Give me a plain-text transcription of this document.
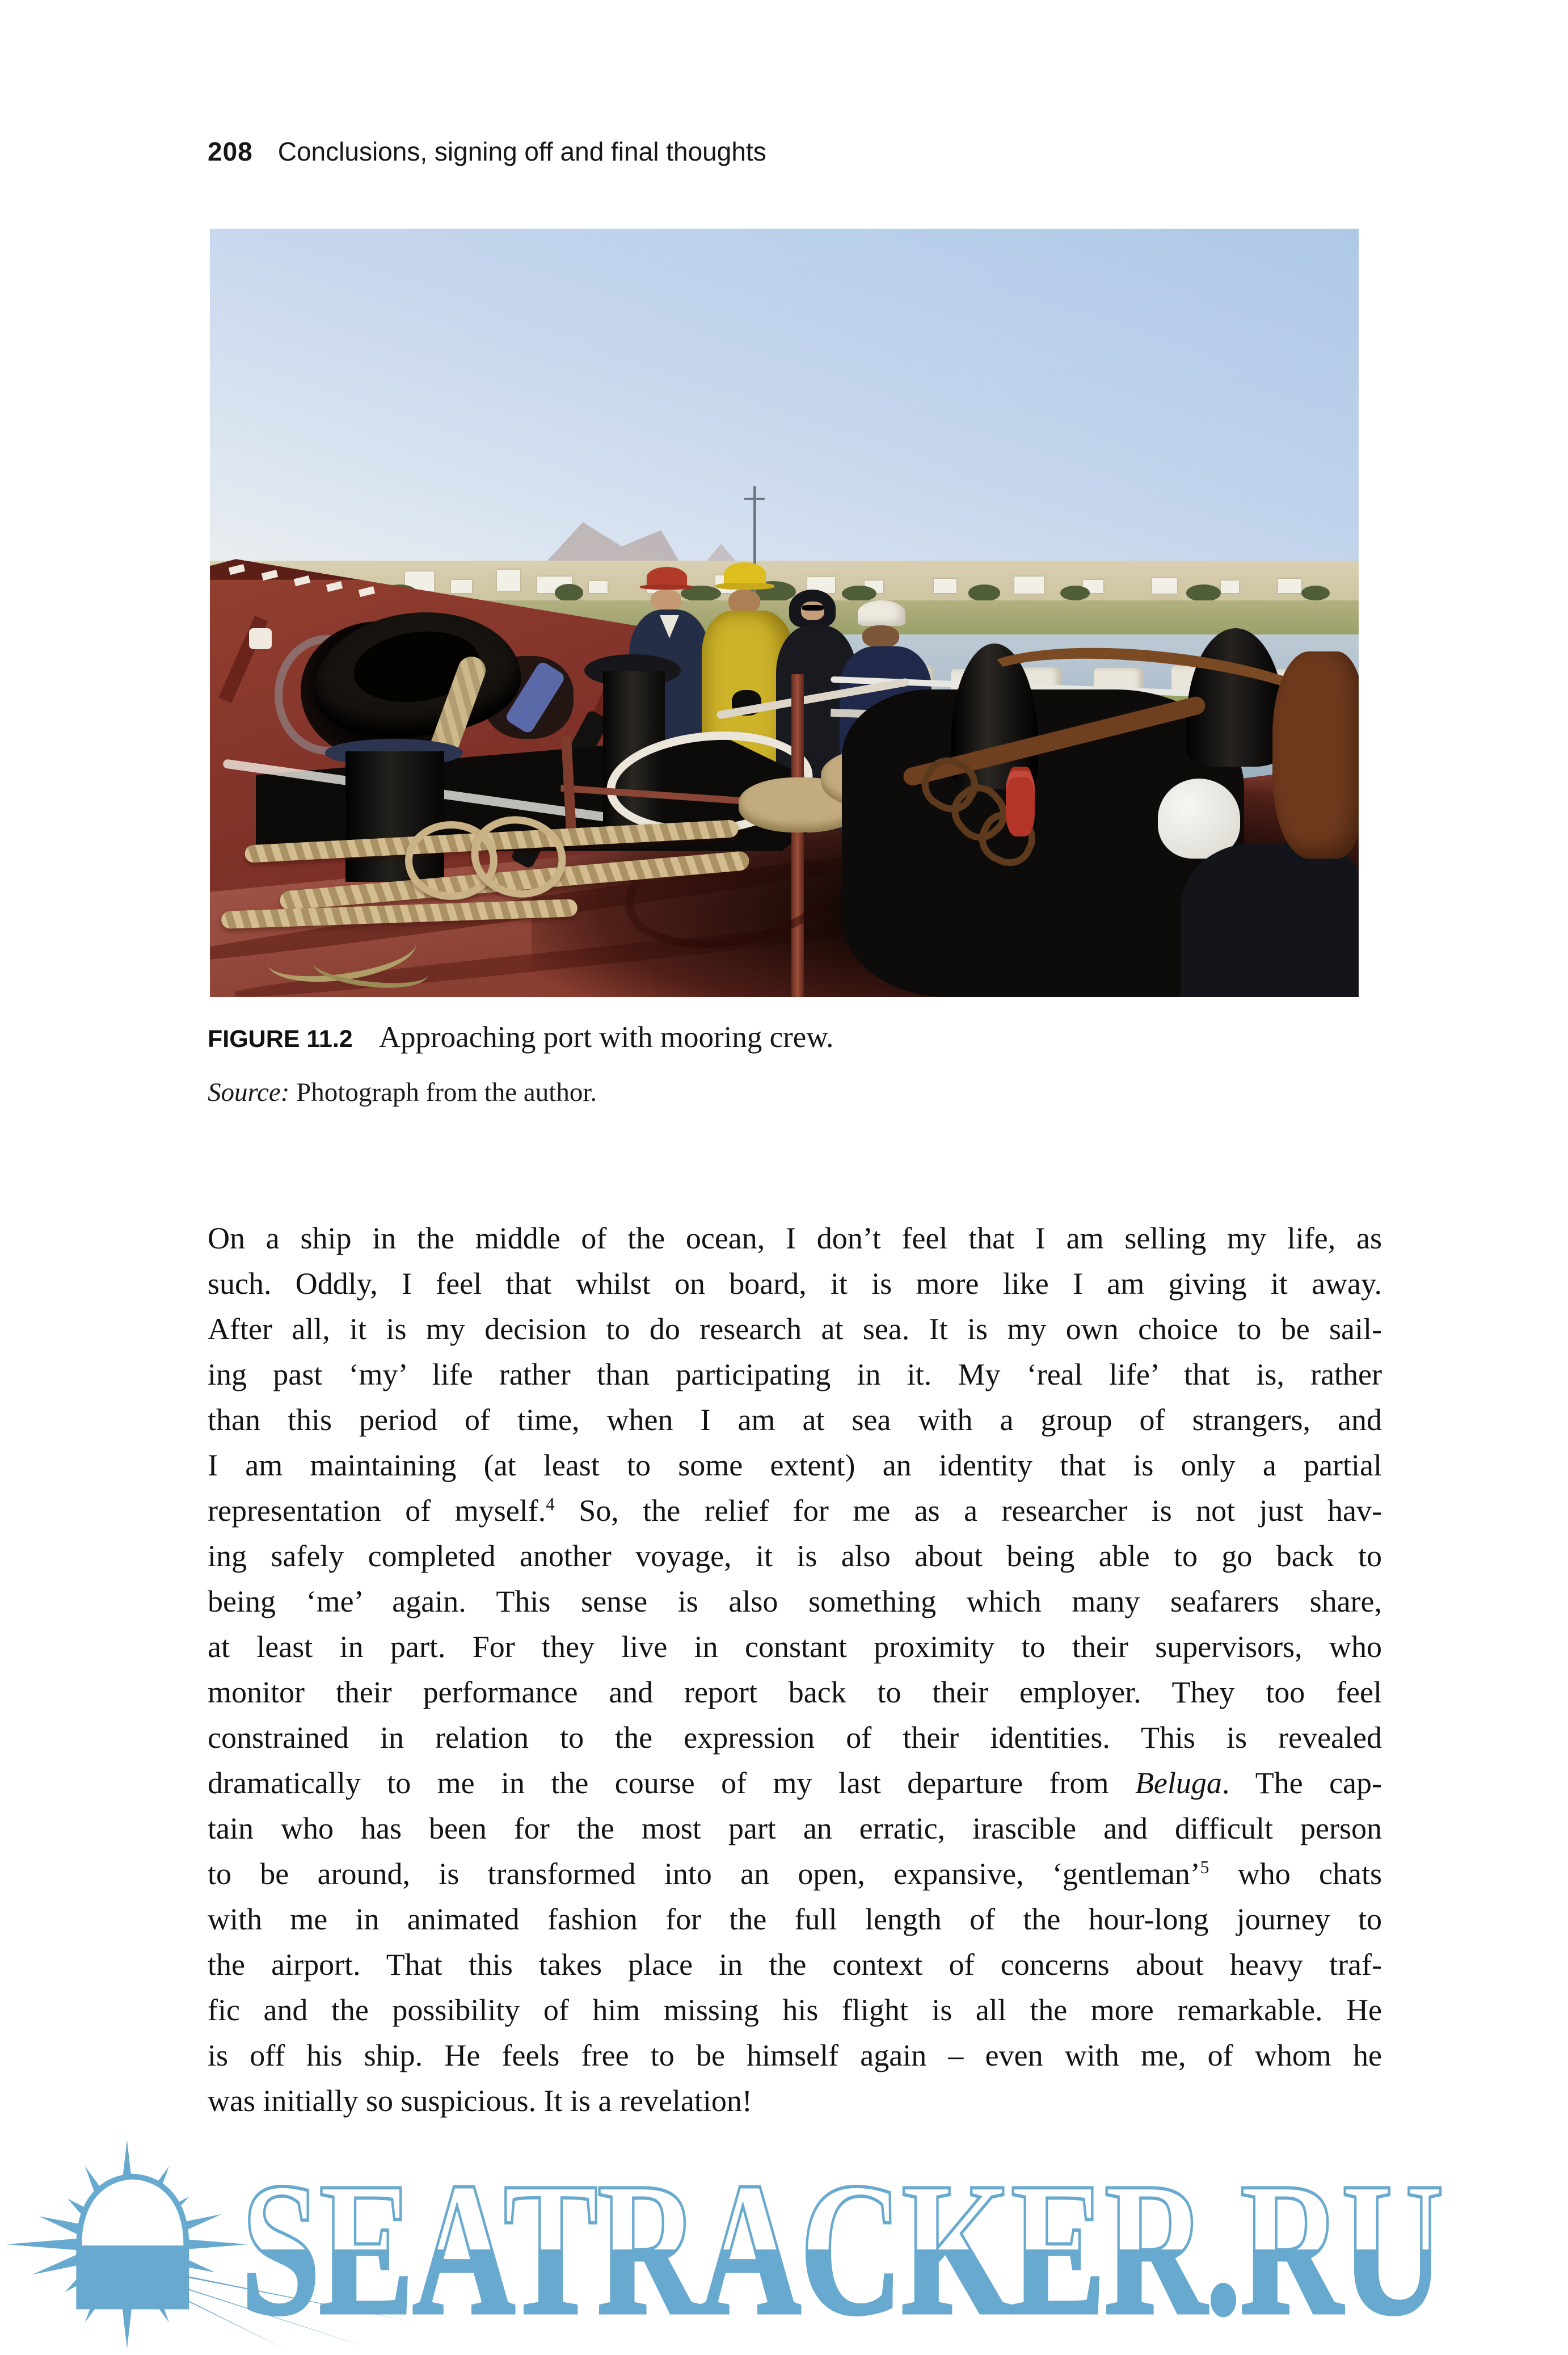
208 Conclusions, signing off and final thoughts
FIGURE 11.2 Approaching port with mooring crew.
Source: Photograph from the author.
On a ship in the middle of the ocean, I don’t feel that I am selling my life, as
such. Oddly, I feel that whilst on board, it is more like I am giving it away.
After all, it is my decision to do research at sea. It is my own choice to be sail-
ing past ‘my’ life rather than participating in it. My ‘real life’ that is, rather
than this period of time, when I am at sea with a group of strangers, and
I am maintaining (at least to some extent) an identity that is only a partial
representation of myself.$^4$ So, the relief for me as a researcher is not just hav-
ing safely completed another voyage, it is also about being able to go back to
being ‘me’ again. This sense is also something which many seafarers share,
at least in part. For they live in constant proximity to their supervisors, who
monitor their performance and report back to their employer. They too feel
constrained in relation to the expression of their identities. This is revealed
dramatically to me in the course of my last departure from Beluga. The cap-
tain who has been for the most part an erratic, irascible and difficult person
to be around, is transformed into an open, expansive, ‘gentleman’$^5$ who chats
with me in animated fashion for the full length of the hour-long journey to
the airport. That this takes place in the context of concerns about heavy traf-
fic and the possibility of him missing his flight is all the more remarkable. He
is off his ship. He feels free to be himself again – even with me, of whom he
was initially so suspicious. It is a revelation!
SEATRACKER.RU
